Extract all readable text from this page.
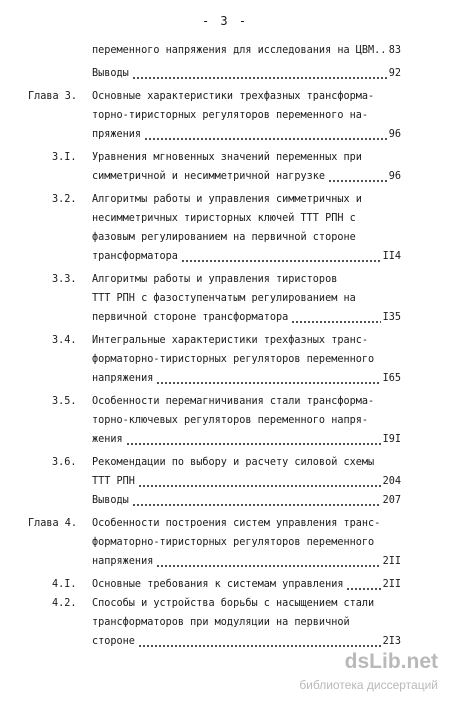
- 3 -
переменного напряжения для исследования на ЦВМ.. 83
Выводы	92
Глава 3. Основные характеристики трехфазных трансформа-
торно-тиристорных регуляторов переменного на-
пряжения	96
3.I. Уравнения мгновенных значений переменных при
симметричной и несимметричной нагрузке	96
3.2. Алгоритмы работы и управления симметричных и
несимметричных тиристорных ключей ТТТ РПН с
фазовым регулированием на первичной стороне
трансформатора	II4
3.3. Алгоритмы работы и управления тиристоров
ТТТ РПН с фазоступенчатым регулированием на
первичной стороне трансформатора	I35
3.4. Интегральные характеристики трехфазных транс-
форматорно-тиристорных регуляторов переменного
напряжения	I65
3.5. Особенности перемагничивания стали трансформа-
торно-ключевых регуляторов переменного напря-
жения	I9I
3.6. Рекомендации по выбору и расчету силовой схемы
ТТТ РПН	204
Выводы	207
Глава 4. Особенности построения систем управления транс-
форматорно-тиристорных регуляторов переменного
напряжения	2II
4.I. Основные требования к системам управления	2II
4.2. Способы и устройства борьбы с насыщением стали
трансформаторов при модуляции на первичной
стороне	2I3
dsLib.net
библиотека диссертаций
